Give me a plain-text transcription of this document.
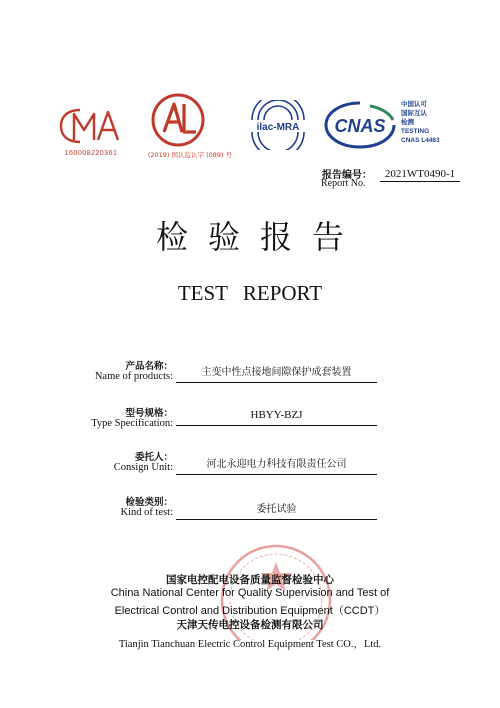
160008220361	(2019) 国认监认字 (089) 号
ilac-MRA CNAS
中国认可
国际互认
检测
TESTING
CNAS L4463
报告编号：
Report No.
2021WT0490-1
检验报告
TEST REPORT
产品名称：
Name of products:	主变中性点接地间隙保护成套装置
型号规格：
Type Specification:
HBYY-BZJ
委托人：
Consign Unit:	河北永迎电力科技有限责任公司
检验类别：
Kind of test:	委托试验
国家电控配电设备质量监督检验中心
China National Center for Quality Supervision and Test of
Electrical Control and Distribution Equipment（CCDT）
天津天传电控设备检测有限公司
Tianjin Tianchuan Electric Control Equipment Test CO.，Ltd.
